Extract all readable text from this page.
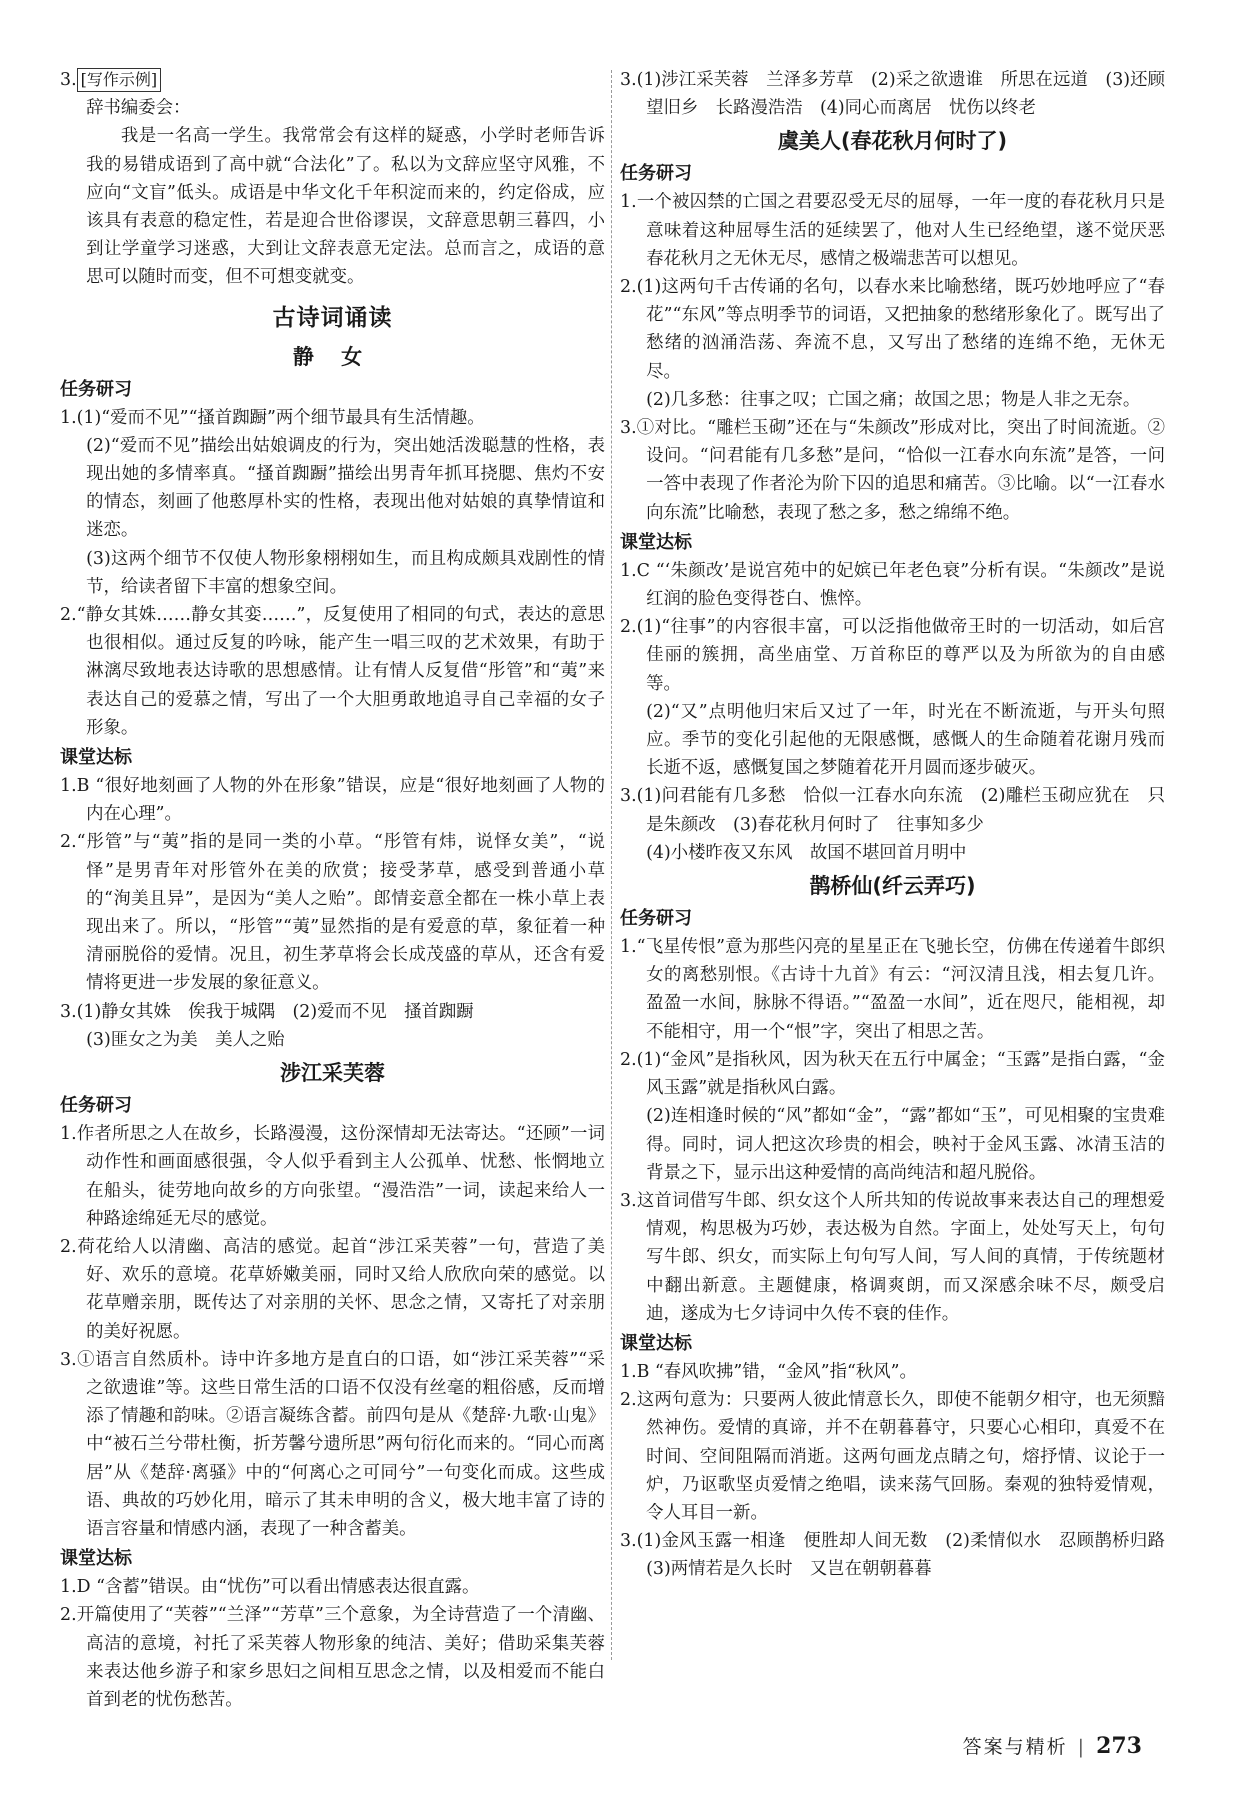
3. [写作示例]

辞书编委会：

我是一名高一学生。我常常会有这样的疑惑，小学时老师告诉我的易错成语到了高中就“合法化”了。私以为文辞应坚守风雅，不应向“文盲”低头。成语是中华文化千年积淀而来的，约定俗成，应该具有表意的稳定性，若是迎合世俗谬误，文辞意思朝三暮四，小到让学童学习迷惑，大到让文辞表意无定法。总而言之，成语的意思可以随时而变，但不可想变就变。

古诗词诵读
静 女
任务研习

1.(1)“爱而不见”“搔首踟蹰”两个细节最具有生活情趣。

(2)“爱而不见”描绘出姑娘调皮的行为，突出她活泼聪慧的性格，表现出她的多情率真。“搔首踟蹰”描绘出男青年抓耳挠腮、焦灼不安的情态，刻画了他憨厚朴实的性格，表现出他对姑娘的真挚情谊和迷恋。

(3)这两个细节不仅使人物形象栩栩如生，而且构成颇具戏剧性的情节，给读者留下丰富的想象空间。

2.“静女其姝……静女其娈……”，反复使用了相同的句式，表达的意思也很相似。通过反复的吟咏，能产生一唱三叹的艺术效果，有助于淋漓尽致地表达诗歌的思想感情。让有情人反复借“彤管”和“荑”来表达自己的爱慕之情，写出了一个大胆勇敢地追寻自己幸福的女子形象。

课堂达标

1.B “很好地刻画了人物的外在形象”错误，应是“很好地刻画了人物的内在心理”。

2.“彤管”与“荑”指的是同一类的小草。“彤管有炜，说怿女美”，“说怿”是男青年对彤管外在美的欣赏；接受茅草，感受到普通小草的“洵美且异”，是因为“美人之贻”。郎情妾意全都在一株小草上表现出来了。所以，“彤管”“荑”显然指的是有爱意的草，象征着一种清丽脱俗的爱情。况且，初生茅草将会长成茂盛的草从，还含有爱情将更进一步发展的象征意义。

3.(1)静女其姝　俟我于城隅　(2)爱而不见　搔首踟蹰

(3)匪女之为美　美人之贻

涉江采芙蓉
任务研习

1.作者所思之人在故乡，长路漫漫，这份深情却无法寄达。“还顾”一词动作性和画面感很强，令人似乎看到主人公孤单、忧愁、怅惘地立在船头，徒劳地向故乡的方向张望。“漫浩浩”一词，读起来给人一种路途绵延无尽的感觉。

2.荷花给人以清幽、高洁的感觉。起首“涉江采芙蓉”一句，营造了美好、欢乐的意境。花草娇嫩美丽，同时又给人欣欣向荣的感觉。以花草赠亲朋，既传达了对亲朋的关怀、思念之情，又寄托了对亲朋的美好祝愿。

3.①语言自然质朴。诗中许多地方是直白的口语，如“涉江采芙蓉”“采之欲遗谁”等。这些日常生活的口语不仅没有丝毫的粗俗感，反而增添了情趣和韵味。②语言凝练含蓄。前四句是从《楚辞·九歌·山鬼》中“被石兰兮带杜衡，折芳馨兮遗所思”两句衍化而来的。“同心而离居”从《楚辞·离骚》中的“何离心之可同兮”一句变化而成。这些成语、典故的巧妙化用，暗示了其未申明的含义，极大地丰富了诗的语言容量和情感内涵，表现了一种含蓄美。

课堂达标

1.D “含蓄”错误。由“忧伤”可以看出情感表达很直露。

2.开篇使用了“芙蓉”“兰泽”“芳草”三个意象，为全诗营造了一个清幽、高洁的意境，衬托了采芙蓉人物形象的纯洁、美好；借助采集芙蓉来表达他乡游子和家乡思妇之间相互思念之情，以及相爱而不能白首到老的忧伤愁苦。

3.(1)涉江采芙蓉　兰泽多芳草　(2)采之欲遗谁　所思在远道　(3)还顾望旧乡　长路漫浩浩　(4)同心而离居　忧伤以终老

虞美人(春花秋月何时了)
任务研习

1.一个被囚禁的亡国之君要忍受无尽的屈辱，一年一度的春花秋月只是意味着这种屈辱生活的延续罢了，他对人生已经绝望，遂不觉厌恶春花秋月之无休无尽，感情之极端悲苦可以想见。

2.(1)这两句千古传诵的名句，以春水来比喻愁绪，既巧妙地呼应了“春花”“东风”等点明季节的词语，又把抽象的愁绪形象化了。既写出了愁绪的汹涌浩荡、奔流不息，又写出了愁绪的连绵不绝，无休无尽。

(2)几多愁：往事之叹；亡国之痛；故国之思；物是人非之无奈。

3.①对比。“雕栏玉砌”还在与“朱颜改”形成对比，突出了时间流逝。②设问。“问君能有几多愁”是问，“恰似一江春水向东流”是答，一问一答中表现了作者沦为阶下囚的追思和痛苦。③比喻。以“一江春水向东流”比喻愁，表现了愁之多，愁之绵绵不绝。

课堂达标

1.C “‘朱颜改’是说宫苑中的妃嫔已年老色衰”分析有误。“朱颜改”是说红润的脸色变得苍白、憔悴。

2.(1)“往事”的内容很丰富，可以泛指他做帝王时的一切活动，如后宫佳丽的簇拥，高坐庙堂、万首称臣的尊严以及为所欲为的自由感等。

(2)“又”点明他归宋后又过了一年，时光在不断流逝，与开头句照应。季节的变化引起他的无限感慨，感慨人的生命随着花谢月残而长逝不返，感慨复国之梦随着花开月圆而逐步破灭。

3.(1)问君能有几多愁　恰似一江春水向东流　(2)雕栏玉砌应犹在　只是朱颜改　(3)春花秋月何时了　往事知多少

(4)小楼昨夜又东风　故国不堪回首月明中

鹊桥仙(纤云弄巧)
任务研习

1.“飞星传恨”意为那些闪亮的星星正在飞驰长空，仿佛在传递着牛郎织女的离愁别恨。《古诗十九首》有云：“河汉清且浅，相去复几许。盈盈一水间，脉脉不得语。”“盈盈一水间”，近在咫尺，能相视，却不能相守，用一个“恨”字，突出了相思之苦。

2.(1)“金风”是指秋风，因为秋天在五行中属金；“玉露”是指白露，“金风玉露”就是指秋风白露。

(2)连相逢时候的“风”都如“金”，“露”都如“玉”，可见相聚的宝贵难得。同时，词人把这次珍贵的相会，映衬于金风玉露、冰清玉洁的背景之下，显示出这种爱情的高尚纯洁和超凡脱俗。

3.这首词借写牛郎、织女这个人所共知的传说故事来表达自己的理想爱情观，构思极为巧妙，表达极为自然。字面上，处处写天上，句句写牛郎、织女，而实际上句句写人间，写人间的真情，于传统题材中翻出新意。主题健康，格调爽朗，而又深感余味不尽，颇受启迪，遂成为七夕诗词中久传不衰的佳作。

课堂达标

1.B “春风吹拂”错，“金风”指“秋风”。

2.这两句意为：只要两人彼此情意长久，即使不能朝夕相守，也无须黯然神伤。爱情的真谛，并不在朝暮暮守，只要心心相印，真爱不在时间、空间阻隔而消逝。这两句画龙点睛之句，熔抒情、议论于一炉，乃讴歌坚贞爱情之绝唱，读来荡气回肠。秦观的独特爱情观，令人耳目一新。

3.(1)金风玉露一相逢　便胜却人间无数　(2)柔情似水　忍顾鹊桥归路　(3)两情若是久长时　又岂在朝朝暮暮

答案与精析 | 273
